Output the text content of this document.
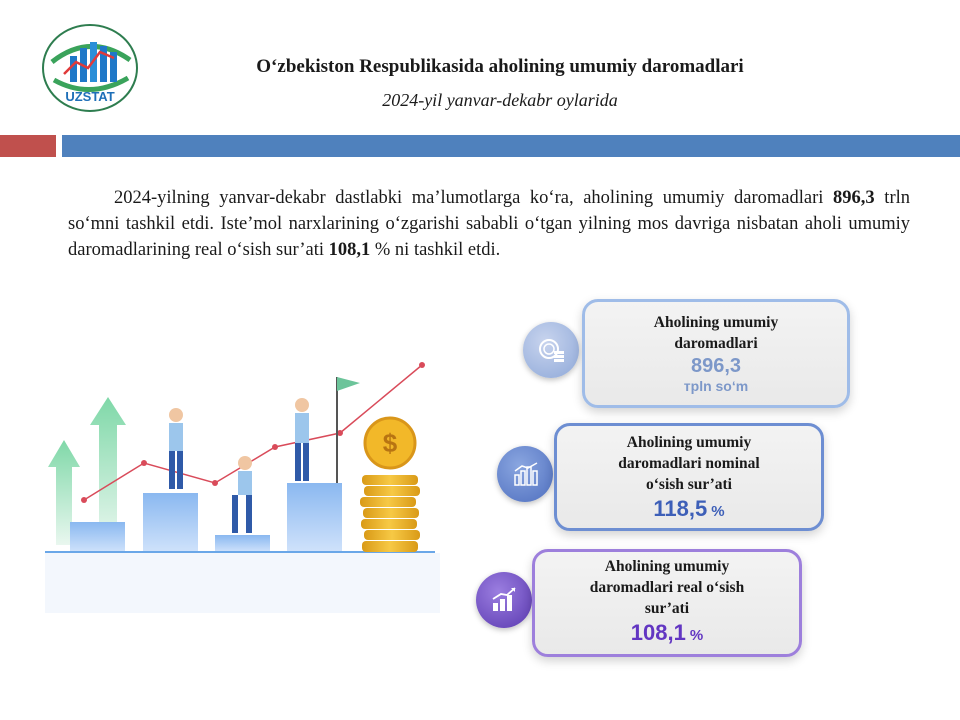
UZSTAT
O‘zbekiston Respublikasida aholining umumiy daromadlari
2024-yil yanvar-dekabr oylarida
2024-yilning yanvar-dekabr dastlabki ma’lumotlarga ko‘ra, aholining umumiy daromadlari 896,3 trln so‘mni tashkil etdi. Iste’mol narxlarining o‘zgarishi sababli o‘tgan yilning mos davriga nisbatan aholi umumiy daromadlarining real o‘sish sur’ati 108,1 % ni tashkil etdi.
$
Aholining umumiy
daromadlari
896,3
трln so‘m
Aholining umumiy
daromadlari nominal
o‘sish sur’ati
118,5 %
Aholining umumiy
daromadlari real o‘sish
sur’ati
108,1 %
